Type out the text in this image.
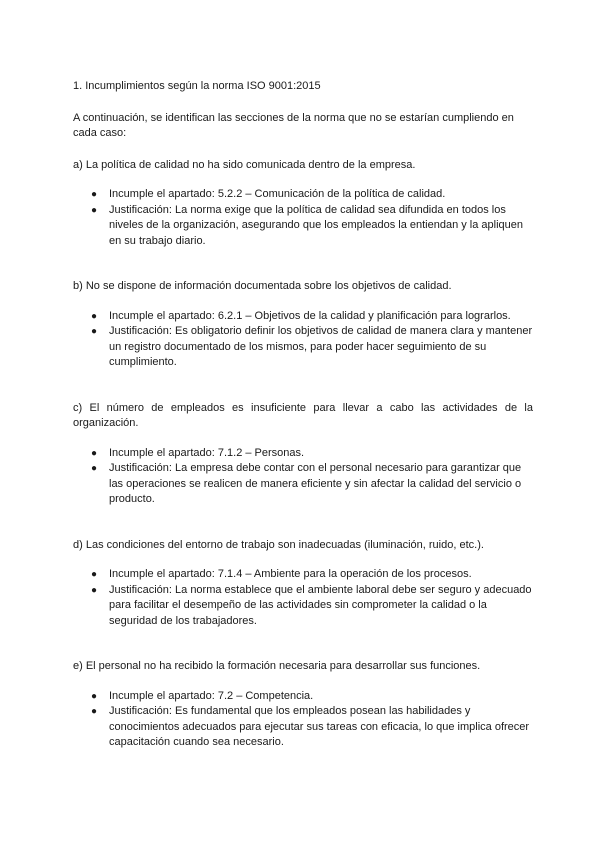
1. Incumplimientos según la norma ISO 9001:2015

A continuación, se identifican las secciones de la norma que no se estarían cumpliendo en cada caso:

a) La política de calidad no ha sido comunicada dentro de la empresa.

●	Incumple el apartado: 5.2.2 – Comunicación de la política de calidad.
●	Justificación: La norma exige que la política de calidad sea difundida en todos los niveles de la organización, asegurando que los empleados la entiendan y la apliquen en su trabajo diario.

b) No se dispone de información documentada sobre los objetivos de calidad.

●	Incumple el apartado: 6.2.1 – Objetivos de la calidad y planificación para lograrlos.
●	Justificación: Es obligatorio definir los objetivos de calidad de manera clara y mantener un registro documentado de los mismos, para poder hacer seguimiento de su cumplimiento.

c) El número de empleados es insuficiente para llevar a cabo las actividades de la organización.

●	Incumple el apartado: 7.1.2 – Personas.
●	Justificación: La empresa debe contar con el personal necesario para garantizar que las operaciones se realicen de manera eficiente y sin afectar la calidad del servicio o producto.

d) Las condiciones del entorno de trabajo son inadecuadas (iluminación, ruido, etc.).

●	Incumple el apartado: 7.1.4 – Ambiente para la operación de los procesos.
●	Justificación: La norma establece que el ambiente laboral debe ser seguro y adecuado para facilitar el desempeño de las actividades sin comprometer la calidad o la seguridad de los trabajadores.

e) El personal no ha recibido la formación necesaria para desarrollar sus funciones.

●	Incumple el apartado: 7.2 – Competencia.
●	Justificación: Es fundamental que los empleados posean las habilidades y conocimientos adecuados para ejecutar sus tareas con eficacia, lo que implica ofrecer capacitación cuando sea necesario.
